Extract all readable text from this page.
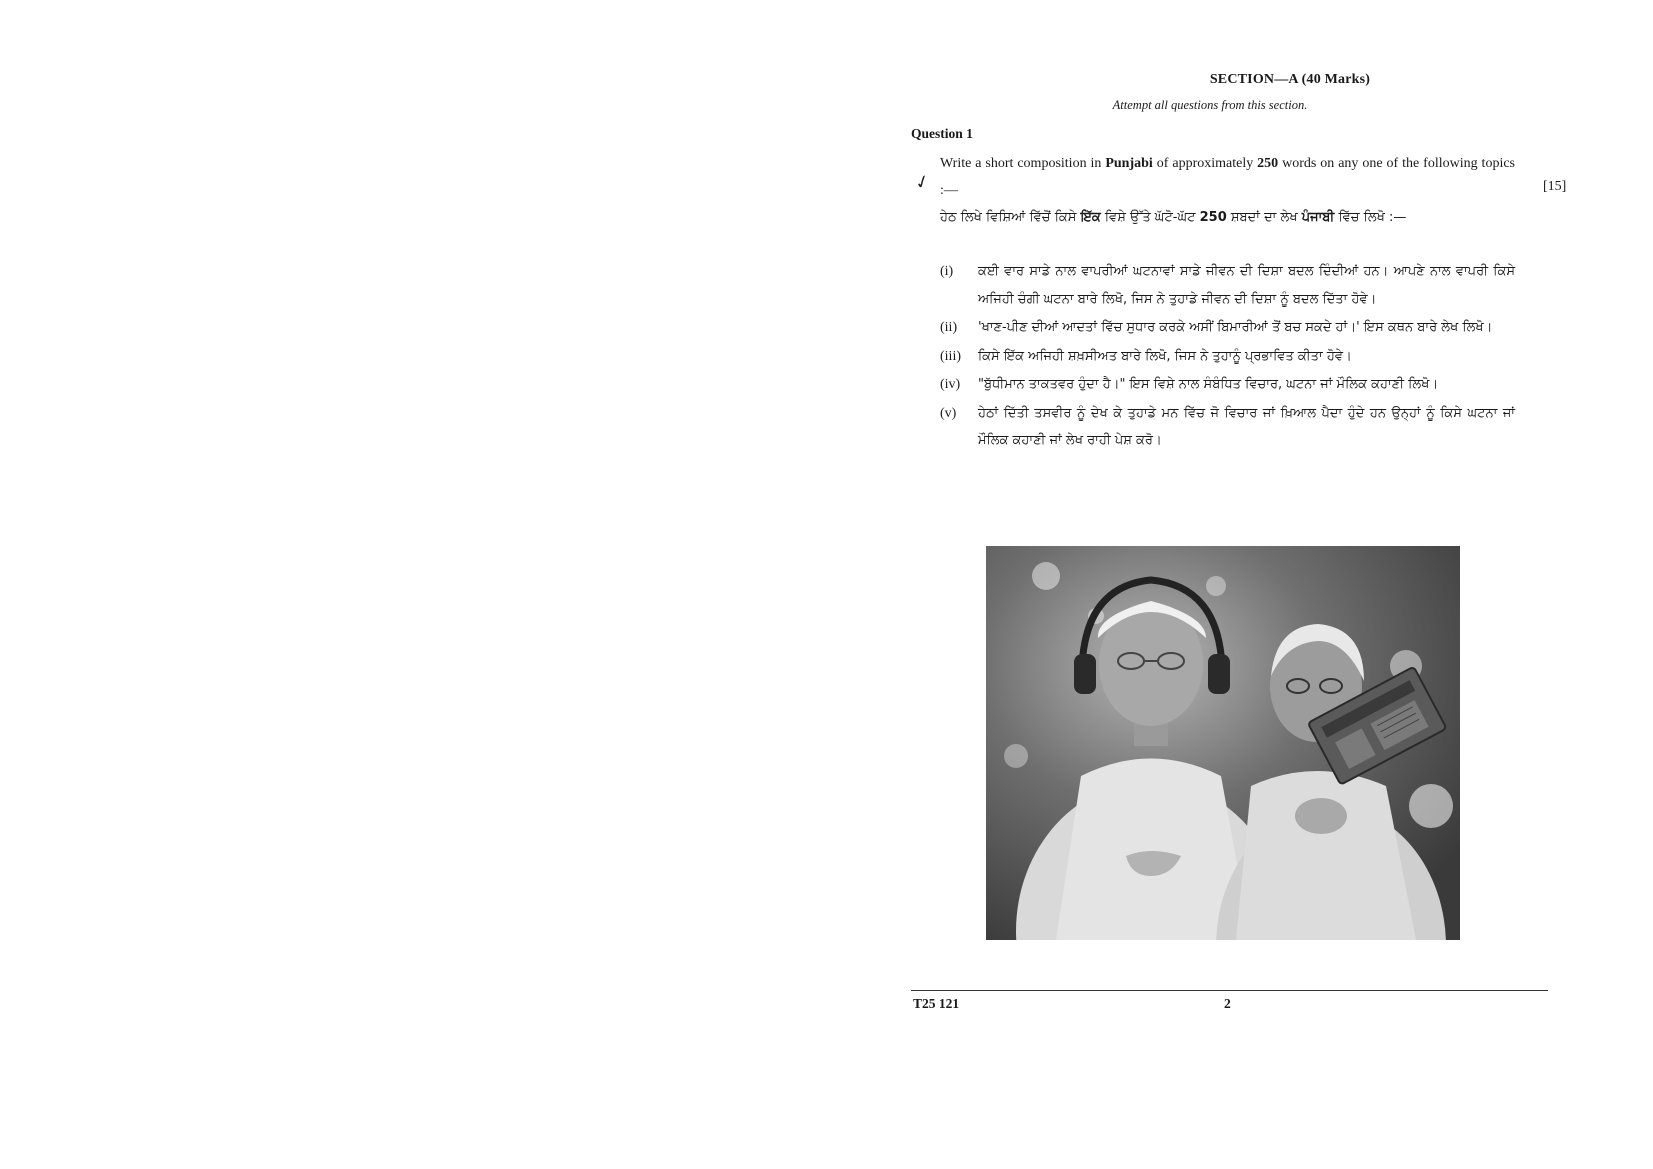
SECTION—A (40 Marks)
Attempt all questions from this section.
Question 1
✓
Write a short composition in Punjabi of approximately 250 words on any one of the following topics :—	[15]
ਹੇਠ ਲਿਖੇ ਵਿਸ਼ਿਆਂ ਵਿੱਚੋਂ ਕਿਸੇ ਇੱਕ ਵਿਸ਼ੇ ਉੱਤੇ ਘੱਟੋ-ਘੱਟ 250 ਸ਼ਬਦਾਂ ਦਾ ਲੇਖ ਪੰਜਾਬੀ ਵਿੱਚ ਲਿਖੋ :—
(i) ਕਈ ਵਾਰ ਸਾਡੇ ਨਾਲ ਵਾਪਰੀਆਂ ਘਟਨਾਵਾਂ ਸਾਡੇ ਜੀਵਨ ਦੀ ਦਿਸ਼ਾ ਬਦਲ ਦਿੰਦੀਆਂ ਹਨ। ਆਪਣੇ ਨਾਲ ਵਾਪਰੀ ਕਿਸੇ ਅਜਿਹੀ ਚੰਗੀ ਘਟਨਾ ਬਾਰੇ ਲਿਖੋ, ਜਿਸ ਨੇ ਤੁਹਾਡੇ ਜੀਵਨ ਦੀ ਦਿਸ਼ਾ ਨੂੰ ਬਦਲ ਦਿੱਤਾ ਹੋਵੇ।
(ii) 'ਖਾਣ-ਪੀਣ ਦੀਆਂ ਆਦਤਾਂ ਵਿੱਚ ਸੁਧਾਰ ਕਰਕੇ ਅਸੀਂ ਬਿਮਾਰੀਆਂ ਤੋਂ ਬਚ ਸਕਦੇ ਹਾਂ।' ਇਸ ਕਥਨ ਬਾਰੇ ਲੇਖ ਲਿਖੋ।
(iii) ਕਿਸੇ ਇੱਕ ਅਜਿਹੀ ਸ਼ਖ਼ਸੀਅਤ ਬਾਰੇ ਲਿਖੋ, ਜਿਸ ਨੇ ਤੁਹਾਨੂੰ ਪ੍ਰਭਾਵਿਤ ਕੀਤਾ ਹੋਵੇ।
(iv) "ਬੁੱਧੀਮਾਨ ਤਾਕਤਵਰ ਹੁੰਦਾ ਹੈ।" ਇਸ ਵਿਸ਼ੇ ਨਾਲ ਸੰਬੰਧਿਤ ਵਿਚਾਰ, ਘਟਨਾ ਜਾਂ ਮੌਲਿਕ ਕਹਾਣੀ ਲਿਖੋ।
(v) ਹੇਠਾਂ ਦਿੱਤੀ ਤਸਵੀਰ ਨੂੰ ਦੇਖ ਕੇ ਤੁਹਾਡੇ ਮਨ ਵਿੱਚ ਜੋ ਵਿਚਾਰ ਜਾਂ ਖ਼ਿਆਲ ਪੈਦਾ ਹੁੰਦੇ ਹਨ ਉਨ੍ਹਾਂ ਨੂੰ ਕਿਸੇ ਘਟਨਾ ਜਾਂ ਮੌਲਿਕ ਕਹਾਣੀ ਜਾਂ ਲੇਖ ਰਾਹੀ ਪੇਸ਼ ਕਰੋ।
T25 121	2
